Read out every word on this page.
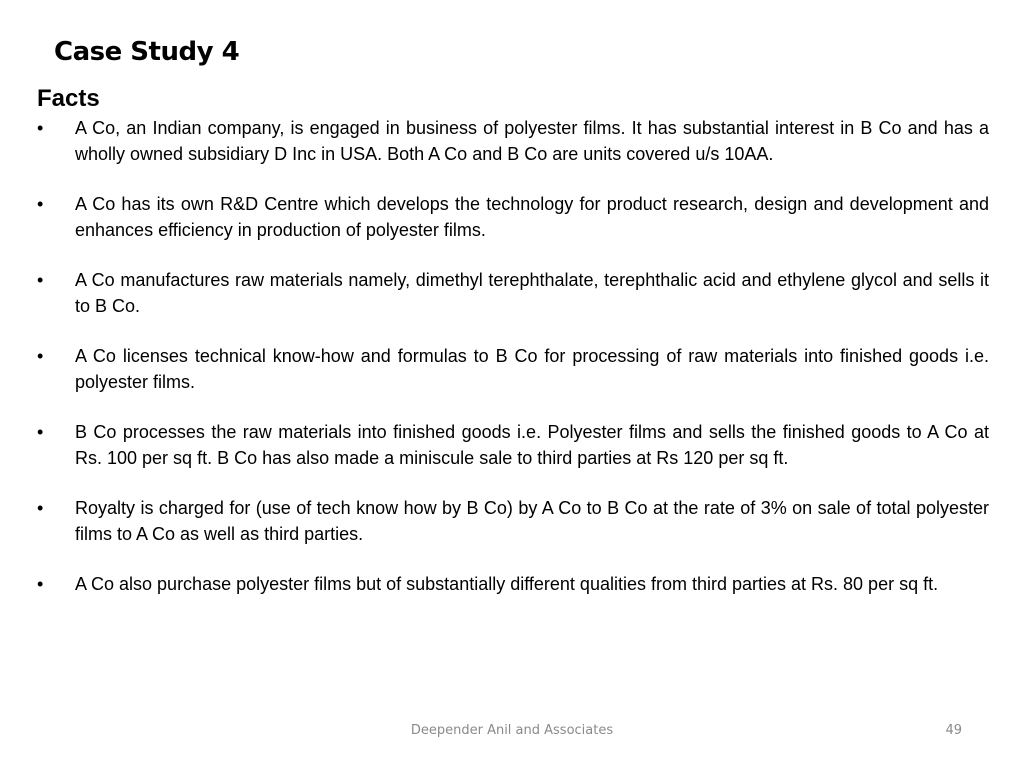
Case Study 4
Facts
•	A Co, an Indian company, is engaged in business of polyester films. It has substantial interest in B Co and has a wholly owned subsidiary D Inc in USA. Both A Co and B Co are units covered u/s 10AA.
•	A Co has its own R&D Centre which develops the technology for product research, design and development and enhances efficiency in production of polyester films.
•	A Co manufactures raw materials namely, dimethyl terephthalate, terephthalic acid and ethylene glycol and sells it to B Co.
•	A Co licenses technical know-how and formulas to B Co for processing of raw materials into finished goods i.e. polyester films.
•	B Co processes the raw materials into finished goods i.e. Polyester films and sells the finished goods to A Co at Rs. 100 per sq ft. B Co has also made a miniscule sale to third parties at Rs 120 per sq ft.
•	Royalty is charged for (use of tech know how by B Co) by A Co to B Co at the rate of 3% on sale of total polyester films to A Co as well as third parties.
•	A Co also purchase polyester films but of substantially different qualities from third parties at Rs. 80 per sq ft.
Deepender Anil and Associates	49
